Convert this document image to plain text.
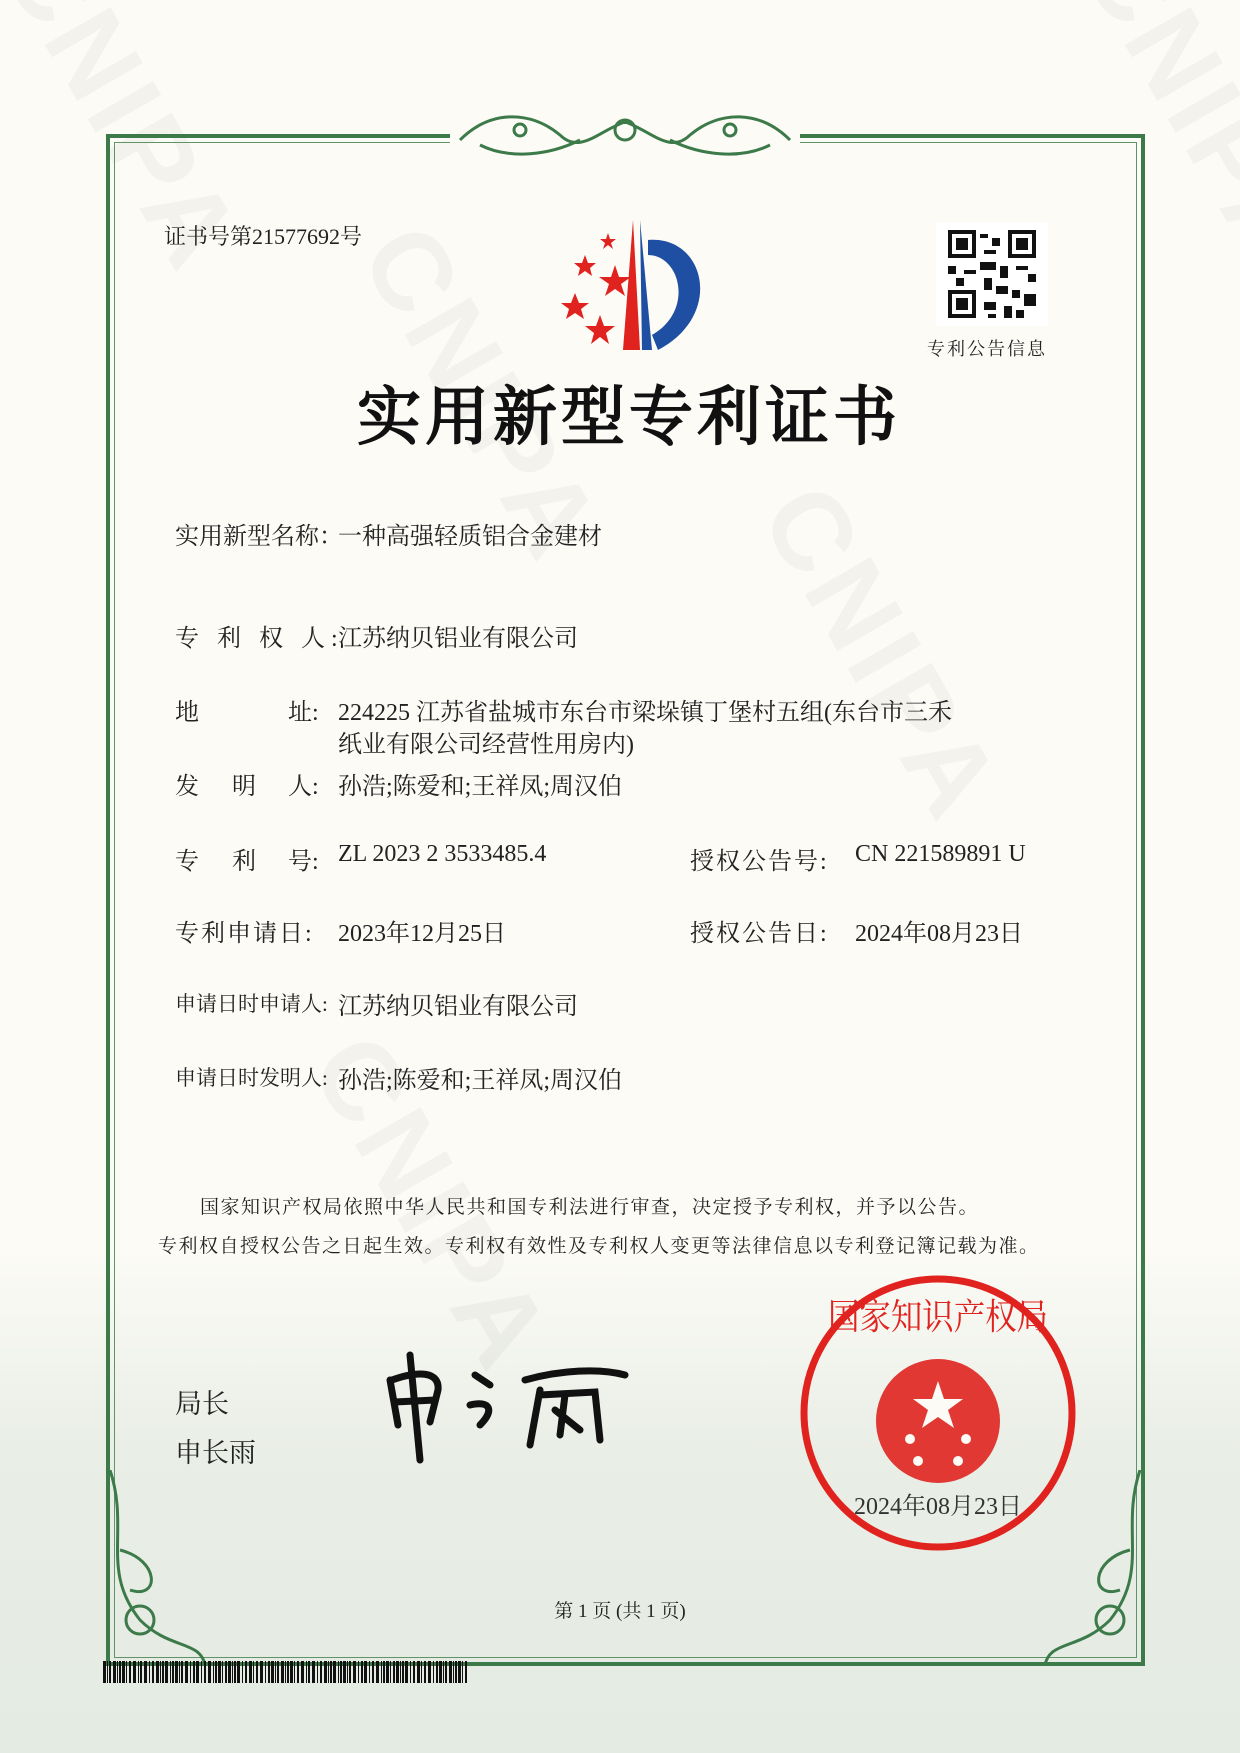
证书号第21577692号
专利公告信息
实用新型专利证书
实用新型名称：
一种高强轻质铝合金建材
专 利 权 人:
江苏纳贝铝业有限公司
地	址: 224225 江苏省盐城市东台市梁垛镇丁堡村五组(东台市三禾
纸业有限公司经营性用房内)
发 明 人: 孙浩;陈爱和;王祥凤;周汉伯
专 利 号: ZL 2023 2 3533485.4	授权公告号: CN 221589891 U
专利申请日: 2023年12月25日	授权公告日: 2024年08月23日
申请日时申请人: 江苏纳贝铝业有限公司
申请日时发明人: 孙浩;陈爱和;王祥凤;周汉伯
国家知识产权局依照中华人民共和国专利法进行审查，决定授予专利权，并予以公告。
专利权自授权公告之日起生效。专利权有效性及专利权人变更等法律信息以专利登记簿记载为准。
局长
申长雨
国家知识产权局
2024年08月23日
第 1 页 (共 1 页)
